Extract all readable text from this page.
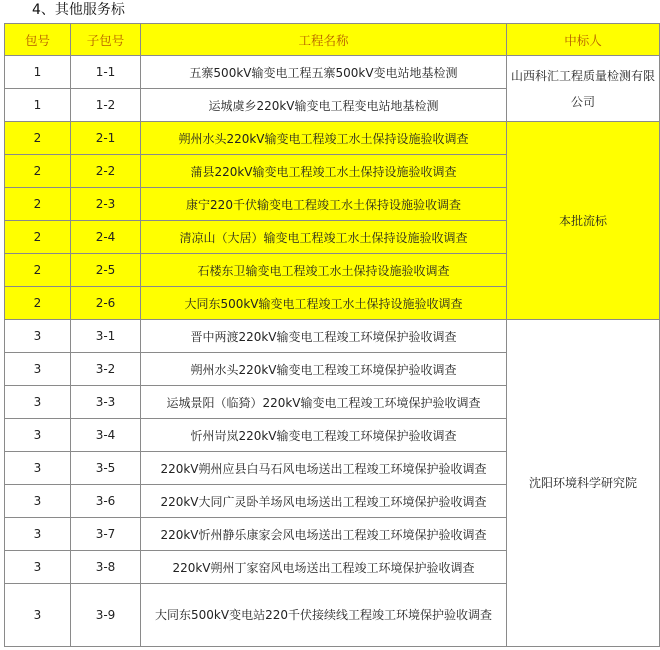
4、其他服务标
包号	子包号	工程名称	中标人
1	1-1	五寨500kV输变电工程五寨500kV变电站地基检测	山西科汇工程质量检测有限公司
1	1-2	运城虞乡220kV输变电工程变电站地基检测	
2	2-1	朔州水头220kV输变电工程竣工水土保持设施验收调查	本批流标
2	2-2	蒲县220kV输变电工程竣工水土保持设施验收调查	
2	2-3	康宁220千伏输变电工程竣工水土保持设施验收调查	
2	2-4	清凉山（大居）输变电工程竣工水土保持设施验收调查	
2	2-5	石楼东卫输变电工程竣工水土保持设施验收调查	
2	2-6	大同东500kV输变电工程竣工水土保持设施验收调查	
3	3-1	晋中两渡220kV输变电工程竣工环境保护验收调查	沈阳环境科学研究院
3	3-2	朔州水头220kV输变电工程竣工环境保护验收调查	
3	3-3	运城景阳（临猗）220kV输变电工程竣工环境保护验收调查	
3	3-4	忻州岢岚220kV输变电工程竣工环境保护验收调查	
3	3-5	220kV朔州应县白马石风电场送出工程竣工环境保护验收调查	
3	3-6	220kV大同广灵卧羊场风电场送出工程竣工环境保护验收调查	
3	3-7	220kV忻州静乐康家会风电场送出工程竣工环境保护验收调查	
3	3-8	220kV朔州丁家窑风电场送出工程竣工环境保护验收调查	
3	3-9	大同东500kV变电站220千伏接续线工程竣工环境保护验收调查	
